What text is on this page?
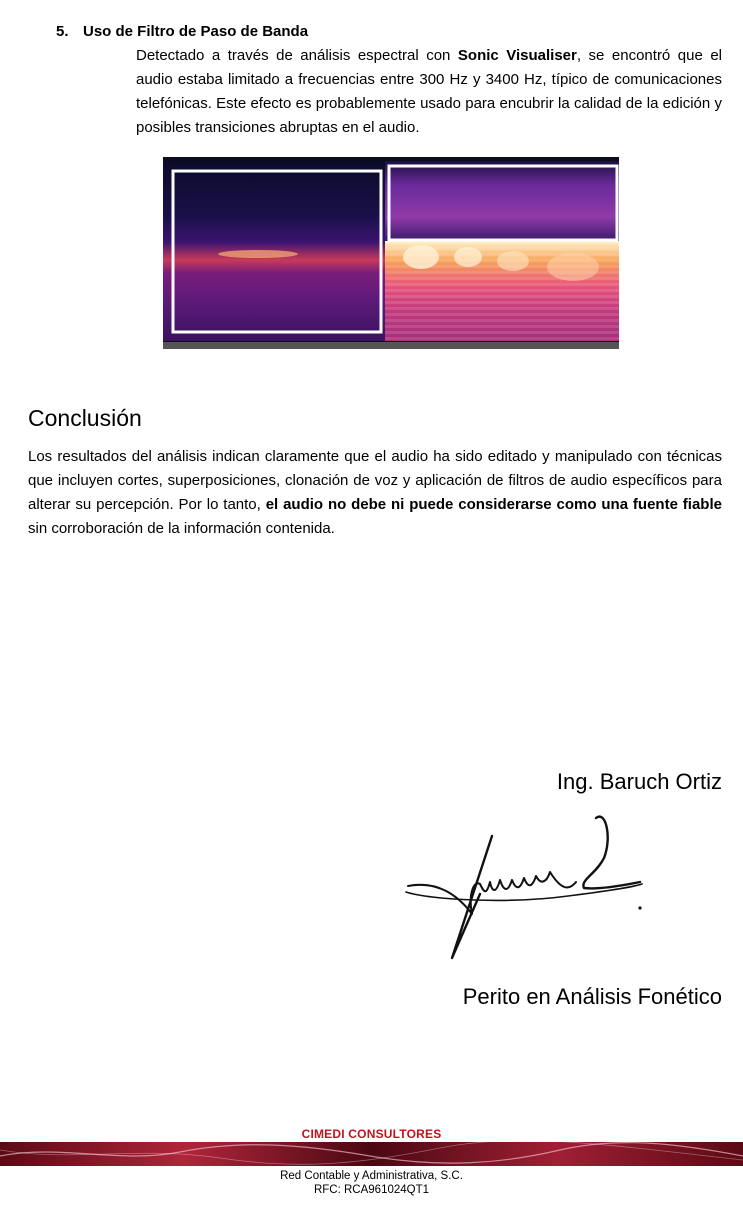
5. Uso de Filtro de Paso de Banda
Detectado a través de análisis espectral con Sonic Visualiser, se encontró que el audio estaba limitado a frecuencias entre 300 Hz y 3400 Hz, típico de comunicaciones telefónicas. Este efecto es probablemente usado para encubrir la calidad de la edición y posibles transiciones abruptas en el audio.
Conclusión
Los resultados del análisis indican claramente que el audio ha sido editado y manipulado con técnicas que incluyen cortes, superposiciones, clonación de voz y aplicación de filtros de audio específicos para alterar su percepción. Por lo tanto, el audio no debe ni puede considerarse como una fuente fiable sin corroboración de la información contenida.
Ing. Baruch Ortiz
Perito en Análisis Fonético
CIMEDI CONSULTORES
Red Contable y Administrativa, S.C.
RFC: RCA961024QT1
